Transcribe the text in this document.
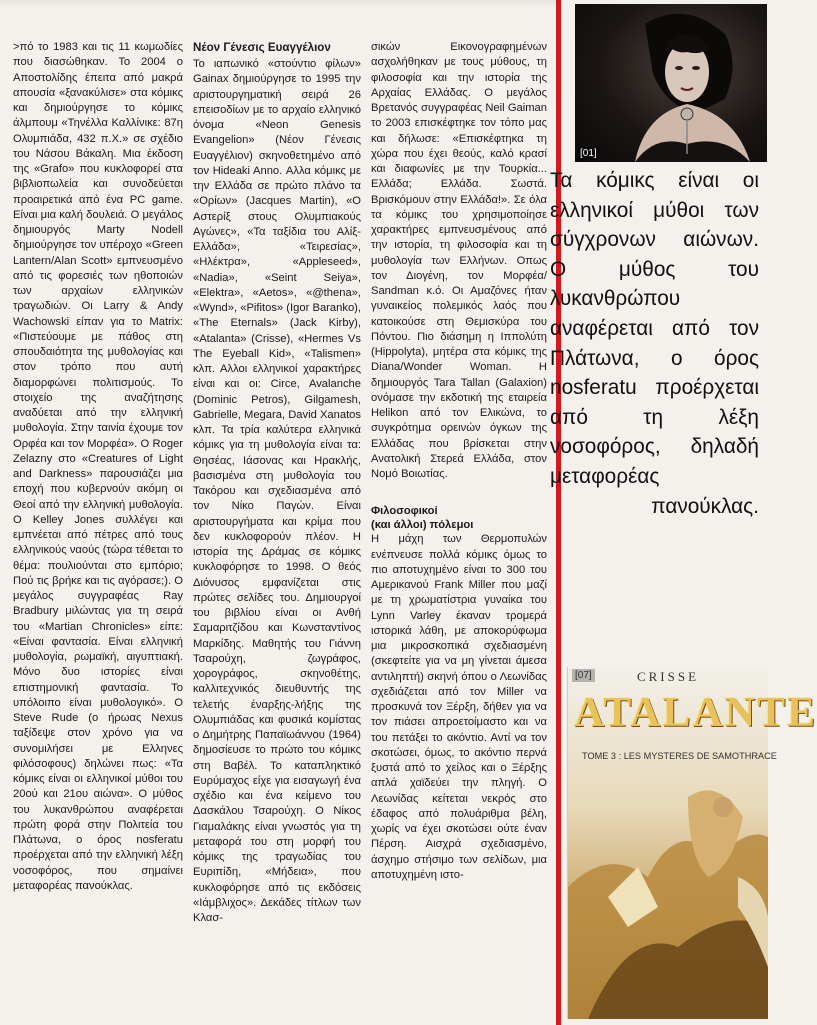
>πό το 1983 και τις 11 κωμωδίες που διασώθηκαν. Το 2004 ο Αποστολίδης έπειτα από μακρά απουσία «ξανακύλισε» στα κόμικς και δημιούργησε το κόμικς άλμπουμ «Τηνέλλα Καλλίνικε: 87η Ολυμπιάδα, 432 π.Χ.» σε σχέδιο του Νάσου Βάκαλη. Μια έκδοση της «Grafo» που κυκλοφορεί στα βιβλιοπωλεία και συνοδεύεται προαιρετικά από ένα PC game. Είναι μια καλή δουλειά. Ο μεγάλος δημιουργός Marty Nodell δημιούργησε τον υπέροχο «Green Lantern/Alan Scott» εμπνευσμένο από τις φορεσιές των ηθοποιών των αρχαίων ελληνικών τραγωδιών. Οι Larry & Andy Wachowski είπαν για το Matrix: «Πιστεύουμε με πάθος στη σπουδαιότητα της μυθολογίας και στον τρόπο που αυτή διαμορφώνει πολιτισμούς. Το στοιχείο της αναζήτησης αναδύεται από την ελληνική μυθολογία. Στην ταινία έχουμε τον Ορφέα και τον Μορφέα». Ο Roger Zelazny στο «Creatures of Light and Darkness» παρουσιάζει μια εποχή που κυβερνούν ακόμη οι Θεοί από την ελληνική μυθολογία. Ο Kelley Jones συλλέγει και εμπνέεται από πέτρες από τους ελληνικούς ναούς (τώρα τέθεται το θέμα: πουλιούνται στο εμπόριο; Πού τις βρήκε και τις αγόρασε;). Ο μεγάλος συγγραφέας Ray Bradbury μιλώντας για τη σειρά του «Martian Chronicles» είπε: «Είναι φαντασία. Είναι ελληνική μυθολογία, ρωμαϊκή, αιγυπτιακή. Μόνο δυο ιστορίες είναι επιστημονική φαντασία. Το υπόλοιπο είναι μυθολογικό». Ο Steve Rude (ο ήρωας Nexus ταξίδεψε στον χρόνο για να συνομιλήσει με Ελληνες φιλόσοφους) δηλώνει πως: «Τα κόμικς είναι οι ελληνικοί μύθοι του 20ού και 21ου αιώνα». Ο μύθος του λυκανθρώπου αναφέρεται πρώτη φορά στην Πολιτεία του Πλάτωνα, ο όρος nosferatu προέρχεται από την ελληνική λέξη νοσοφόρος, που σημαίνει μεταφορέας πανούκλας.

Νέον Γένεσις Ευαγγέλιον

Το ιαπωνικό «στούντιο φίλων» Gainax δημιούργησε το 1995 την αριστουργηματική σειρά 26 επεισοδίων με το αρχαίο ελληνικό όνομα «Neon Genesis Evangelion» (Νέον Γένεσις Ευαγγέλιον) σκηνοθετημένο από τον Hideaki Anno. Αλλα κόμικς με την Ελλάδα σε πρώτο πλάνο τα «Ορίων» (Jacques Martin), «Ο Αστερίξ στους Ολυμπιακούς Αγώνες», «Τα ταξίδια του Αλίξ-Ελλάδα», «Τειρεσίας», «Ηλέκτρα», «Appleseed», «Nadia», «Seint Seiya», «Elektra», «Aetos», «@thena», «Wynd», «Pifitos» (Igor Baranko), «The Eternals» (Jack Kirby), «Atalanta» (Crisse), «Hermes Vs The Eyeball Kid», «Talismen» κλπ. Αλλοι ελληνικοί χαρακτήρες είναι και οι: Circe, Avalanche (Dominic Petros), Gilgamesh, Gabrielle, Megara, David Xanatos κλπ. Τα τρία καλύτερα ελληνικά κόμικς για τη μυθολογία είναι τα: Θησέας, Ιάσονας και Ηρακλής, βασισμένα στη μυθολογία του Τακόρου και σχεδιασμένα από τον Νίκο Παγών. Είναι αριστουργήματα και κρίμα που δεν κυκλοφορούν πλέον. Η ιστορία της Δράμας σε κόμικς κυκλοφόρησε το 1998. Ο θεός Διόνυσος εμφανίζεται στις πρώτες σελίδες του. Δημιουργοί του βιβλίου είναι οι Ανθή Σαμαριτζίδου και Κωνσταντίνος Μαρκίδης. Μαθητής του Γιάννη Τσαρούχη, ζωγράφος, χορογράφος, σκηνοθέτης, καλλιτεχνικός διευθυντής της τελετής έναρξης-λήξης της Ολυμπιάδας και φυσικά κομίστας ο Δημήτρης Παπαϊωάννου (1964) δημοσίευσε το πρώτο του κόμικς στη Βαβέλ. Το καταπληκτικό Ευρύμαχος είχε για εισαγωγή ένα σχέδιο και ένα κείμενο του Δασκάλου Τσαρούχη. Ο Νίκος Γιαμαλάκης είναι γνωστός για τη μεταφορά του στη μορφή του κόμικς της τραγωδίας του Ευριπίδη, «Μήδεια», που κυκλοφόρησε από τις εκδόσεις «Ιάμβλιχος». Δεκάδες τίτλων των Κλασ-

σικών Εικονογραφημένων ασχολήθηκαν με τους μύθους, τη φιλοσοφία και την ιστορία της Αρχαίας Ελλάδας. Ο μεγάλος Βρετανός συγγραφέας Neil Gaiman το 2003 επισκέφτηκε τον τόπο μας και δήλωσε: «Επισκέφτηκα τη χώρα που έχει θεούς, καλό κρασί και διαφωνίες με την Τουρκία... Ελλάδα; Ελλάδα. Σωστά. Βρισκόμουν στην Ελλάδα!». Σε όλα τα κόμικς του χρησιμοποίησε χαρακτήρες εμπνευσμένους από την ιστορία, τη φιλοσοφία και τη μυθολογία των Ελλήνων. Οπως τον Διογένη, τον Μορφέα/ Sandman κ.ό. Οι Αμαζόνες ήταν γυναικείος πολεμικός λαός που κατοικούσε στη Θεμισκύρα του Πόντου. Πιο διάσημη η Ιππολύτη (Hippolyta), μητέρα στα κόμικς της Diana/Wonder Woman. Η δημιουργός Tara Tallan (Galaxion) ονόμασε την εκδοτική της εταιρεία Helikon από τον Ελικώνα, το συγκρότημα ορεινών όγκων της Ελλάδας που βρίσκεται στην Ανατολική Στερεά Ελλάδα, στον Νομό Βοιωτίας.

Φιλοσοφικοί
(και άλλοι) πόλεμοι

Η μάχη των Θερμοπυλών ενέπνευσε πολλά κόμικς όμως το πιο αποτυχημένο είναι το 300 του Αμερικανού Frank Miller που μαζί με τη χρωματίστρια γυναίκα του Lynn Varley έκαναν τρομερά ιστορικά λάθη, με αποκορύφωμα μια μικροσκοπικά σχεδιασμένη (σκεφτείτε για να μη γίνεται άμεσα αντιληπτή) σκηνή όπου ο Λεωνίδας σχεδιάζεται από τον Miller να προσκυνά τον Ξέρξη, δήθεν για να τον πιάσει απροετοίμαστο και να του πετάξει το ακόντιο. Αντί να τον σκοτώσει, όμως, το ακόντιο περνά ξυστά από το χείλος και ο Ξέρξης απλά χαϊδεύει την πληγή. Ο Λεωνίδας κείτεται νεκρός στο έδαφος από πολυάριθμα βέλη, χωρίς να έχει σκοτώσει ούτε έναν Πέρση. Αισχρά σχεδιασμένο, άσχημο στήσιμο των σελίδων, μια αποτυχημένη ιστο-

[01]
Τα κόμικς είναι οι ελληνικοί μύθοι των σύγχρονων αιώνων. Ο μύθος του λυκανθρώπου αναφέρεται από τον Πλάτωνα, ο όρος nosferatu προέρχεται από τη λέξη νοσοφόρος, δηλαδή μεταφορέας πανούκλας.
[07]	CRISSE
ATALANTE
TOME 3 : LES MYSTERES DE SAMOTHRACE
